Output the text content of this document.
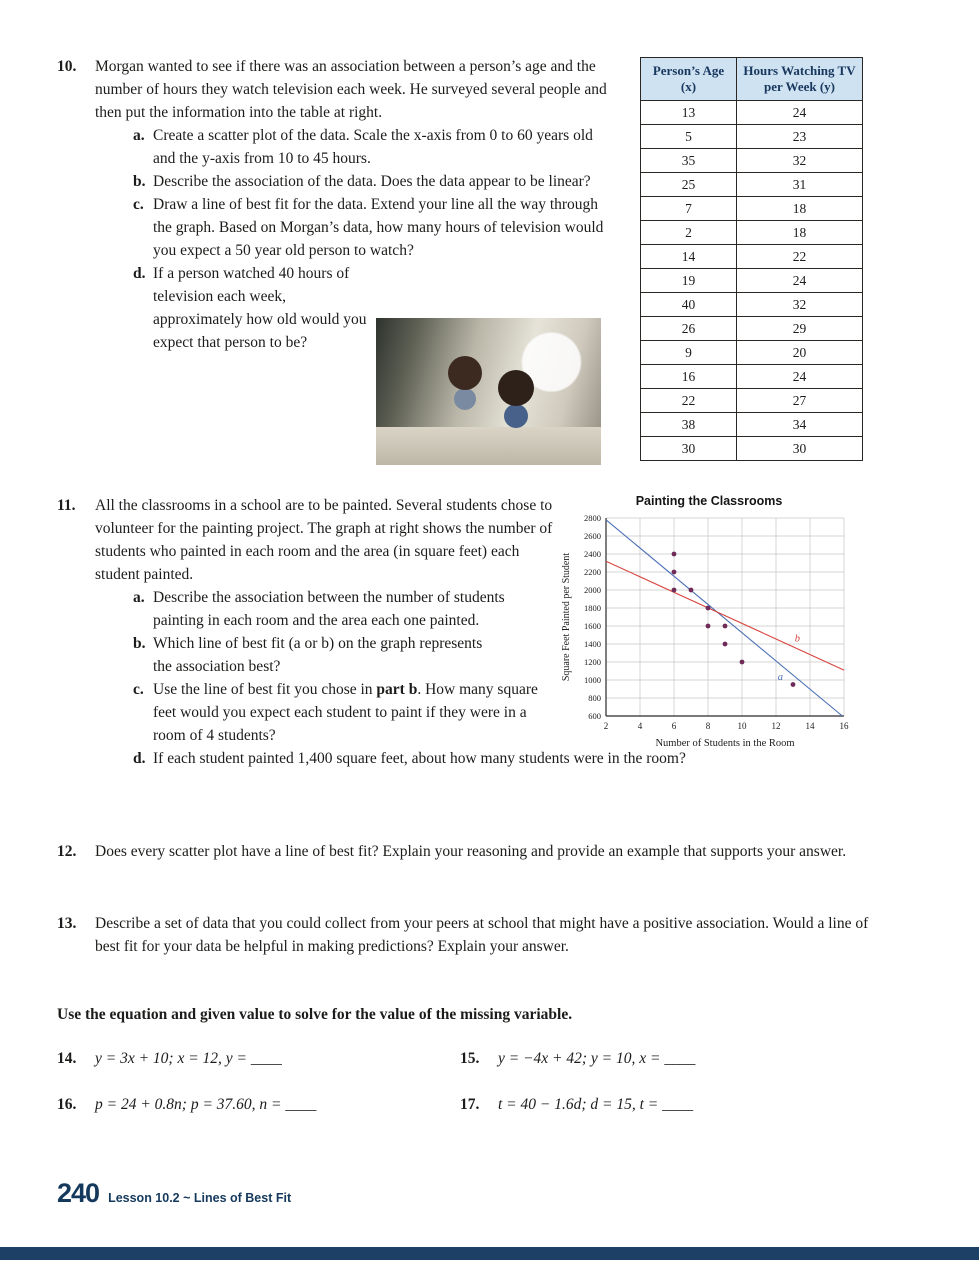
10.	Morgan wanted to see if there was an association between a person’s age and the number of hours they watch television each week. He surveyed several people and then put the information into the table at right.
a. Create a scatter plot of the data. Scale the x-axis from 0 to 60 years old and the y-axis from 10 to 45 hours.
b. Describe the association of the data. Does the data appear to be linear?
c. Draw a line of best fit for the data. Extend your line all the way through the graph. Based on Morgan’s data, how many hours of television would you expect a 50 year old person to watch?
d. If a person watched 40 hours of television each week, approximately how old would you expect that person to be?
Person’s Age (x)	Hours Watching TV per Week (y)
13	24
5	23
35	32
25	31
7	18
2	18
14	22
19	24
40	32
26	29
9	20
16	24
22	27
38	34
30	30
11.	All the classrooms in a school are to be painted. Several students chose to volunteer for the painting project. The graph at right shows the number of students who painted in each room and the area (in square feet) each student painted.
a. Describe the association between the number of students painting in each room and the area each one painted.
b. Which line of best fit (a or b) on the graph represents the association best?
c. Use the line of best fit you chose in part b. How many square feet would you expect each student to paint if they were in a room of 4 students?
d. If each student painted 1,400 square feet, about how many students were in the room?
Painting the Classrooms
2	4	6	8	10	12	14	16
600
800
1000
1200
1400
1600
1800
2000
2200
2400
2600
2800
a
b
Number of Students in the Room
Square Feet Painted per Student
12.	Does every scatter plot have a line of best fit? Explain your reasoning and provide an example that supports your answer.
13.	Describe a set of data that you could collect from your peers at school that might have a positive association. Would a line of best fit for your data be helpful in making predictions? Explain your answer.
Use the equation and given value to solve for the value of the missing variable.
14.	y = 3x + 10; x = 12, y = ____	15.	y = −4x + 42; y = 10, x = ____
16.	p = 24 + 0.8n; p = 37.60, n = ____	17.	t = 40 − 1.6d; d = 15, t = ____
240 Lesson 10.2 ~ Lines of Best Fit
